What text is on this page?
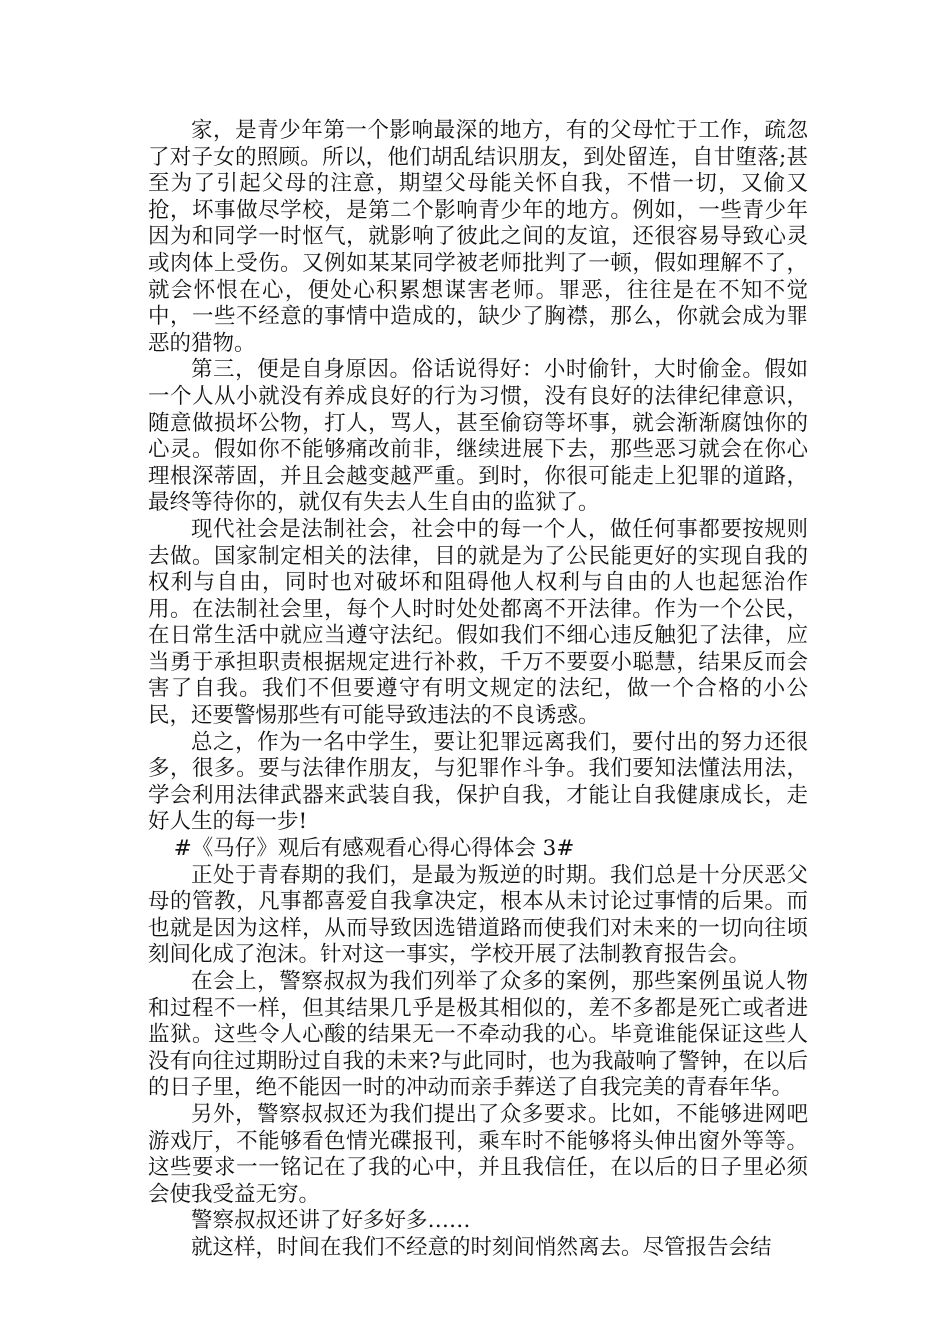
家，是青少年第一个影响最深的地方，有的父母忙于工作，疏忽了对子女的照顾。所以，他们胡乱结识朋友，到处留连，自甘堕落;甚至为了引起父母的注意，期望父母能关怀自我，不惜一切，又偷又抢，坏事做尽学校，是第二个影响青少年的地方。例如，一些青少年因为和同学一时怄气，就影响了彼此之间的友谊，还很容易导致心灵或肉体上受伤。又例如某某同学被老师批判了一顿，假如理解不了，就会怀恨在心，便处心积累想谋害老师。罪恶，往往是在不知不觉中，一些不经意的事情中造成的，缺少了胸襟，那么，你就会成为罪恶的猎物。

第三，便是自身原因。俗话说得好：小时偷针，大时偷金。假如一个人从小就没有养成良好的行为习惯，没有良好的法律纪律意识，随意做损坏公物，打人，骂人，甚至偷窃等坏事，就会渐渐腐蚀你的心灵。假如你不能够痛改前非，继续进展下去，那些恶习就会在你心理根深蒂固，并且会越变越严重。到时，你很可能走上犯罪的道路，最终等待你的，就仅有失去人生自由的监狱了。

现代社会是法制社会，社会中的每一个人，做任何事都要按规则去做。国家制定相关的法律，目的就是为了公民能更好的实现自我的权利与自由，同时也对破坏和阻碍他人权利与自由的人也起惩治作用。在法制社会里，每个人时时处处都离不开法律。作为一个公民，在日常生活中就应当遵守法纪。假如我们不细心违反触犯了法律，应当勇于承担职责根据规定进行补救，千万不要耍小聪慧，结果反而会害了自我。我们不但要遵守有明文规定的法纪，做一个合格的小公民，还要警惕那些有可能导致违法的不良诱惑。

总之，作为一名中学生，要让犯罪远离我们，要付出的努力还很多，很多。要与法律作朋友，与犯罪作斗争。我们要知法懂法用法，学会利用法律武器来武装自我，保护自我，才能让自我健康成长，走好人生的每一步!

#《马仔》观后有感观看心得心得体会 3#

正处于青春期的我们，是最为叛逆的时期。我们总是十分厌恶父母的管教，凡事都喜爱自我拿决定，根本从未讨论过事情的后果。而也就是因为这样，从而导致因选错道路而使我们对未来的一切向往顷刻间化成了泡沫。针对这一事实，学校开展了法制教育报告会。

在会上，警察叔叔为我们列举了众多的案例，那些案例虽说人物和过程不一样，但其结果几乎是极其相似的，差不多都是死亡或者进监狱。这些令人心酸的结果无一不牵动我的心。毕竟谁能保证这些人没有向往过期盼过自我的未来?与此同时，也为我敲响了警钟，在以后的日子里，绝不能因一时的冲动而亲手葬送了自我完美的青春年华。

另外，警察叔叔还为我们提出了众多要求。比如，不能够进网吧游戏厅，不能够看色情光碟报刊，乘车时不能够将头伸出窗外等等。这些要求一一铭记在了我的心中，并且我信任，在以后的日子里必须会使我受益无穷。

警察叔叔还讲了好多好多……

就这样，时间在我们不经意的时刻间悄然离去。尽管报告会结
